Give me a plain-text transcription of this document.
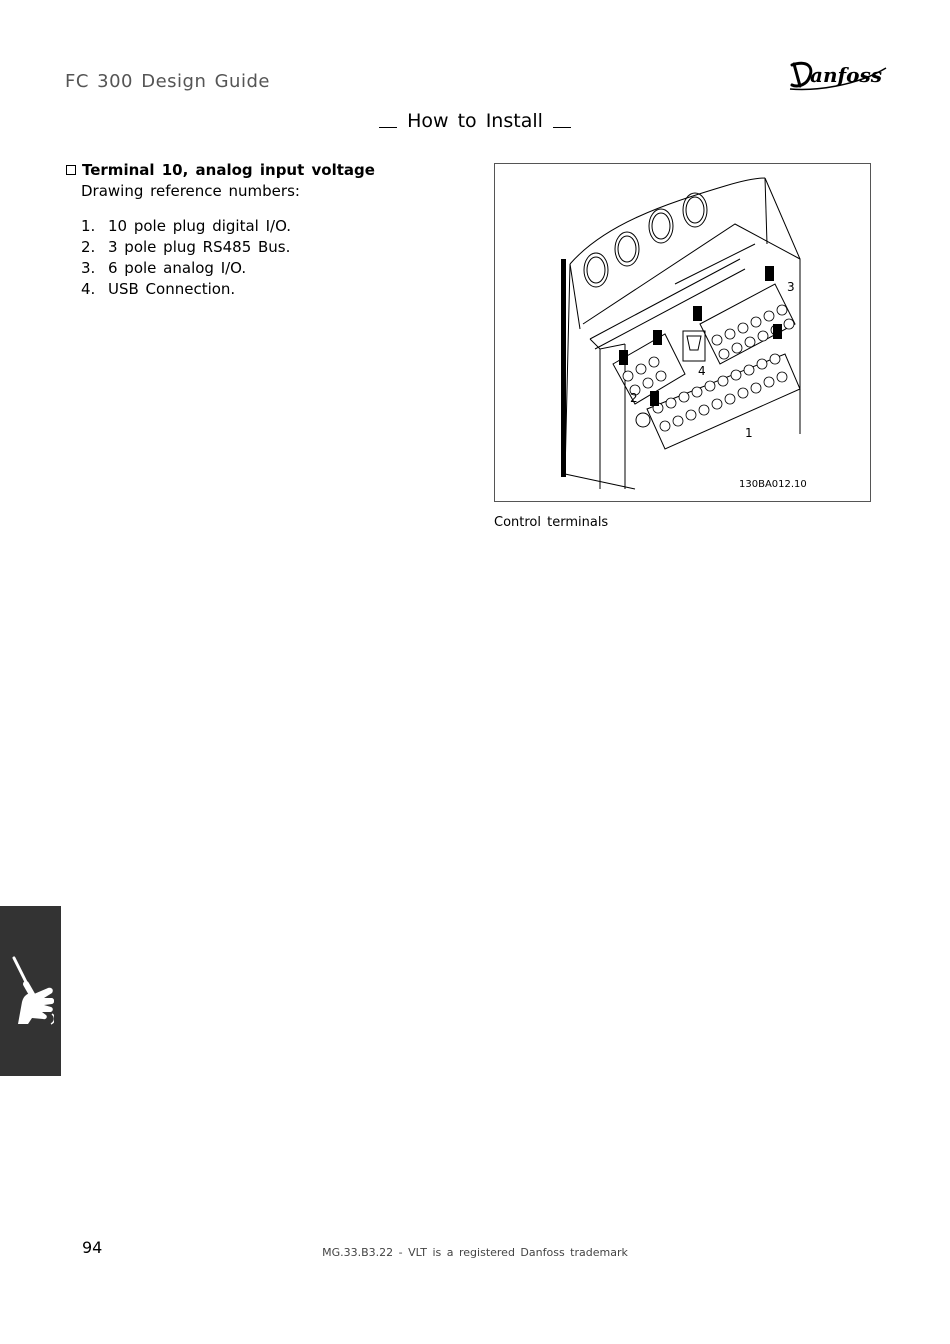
FC 300 Design Guide	anfoss
How to Install
Terminal 10, analog input voltage
Drawing reference numbers:
1. 10 pole plug digital I/O.
2. 3 pole plug RS485 Bus.
3. 6 pole analog I/O.
4. USB Connection.
1
2
3
4
130BA012.10
Control terminals
94	MG.33.B3.22 - VLT is a registered Danfoss trademark
